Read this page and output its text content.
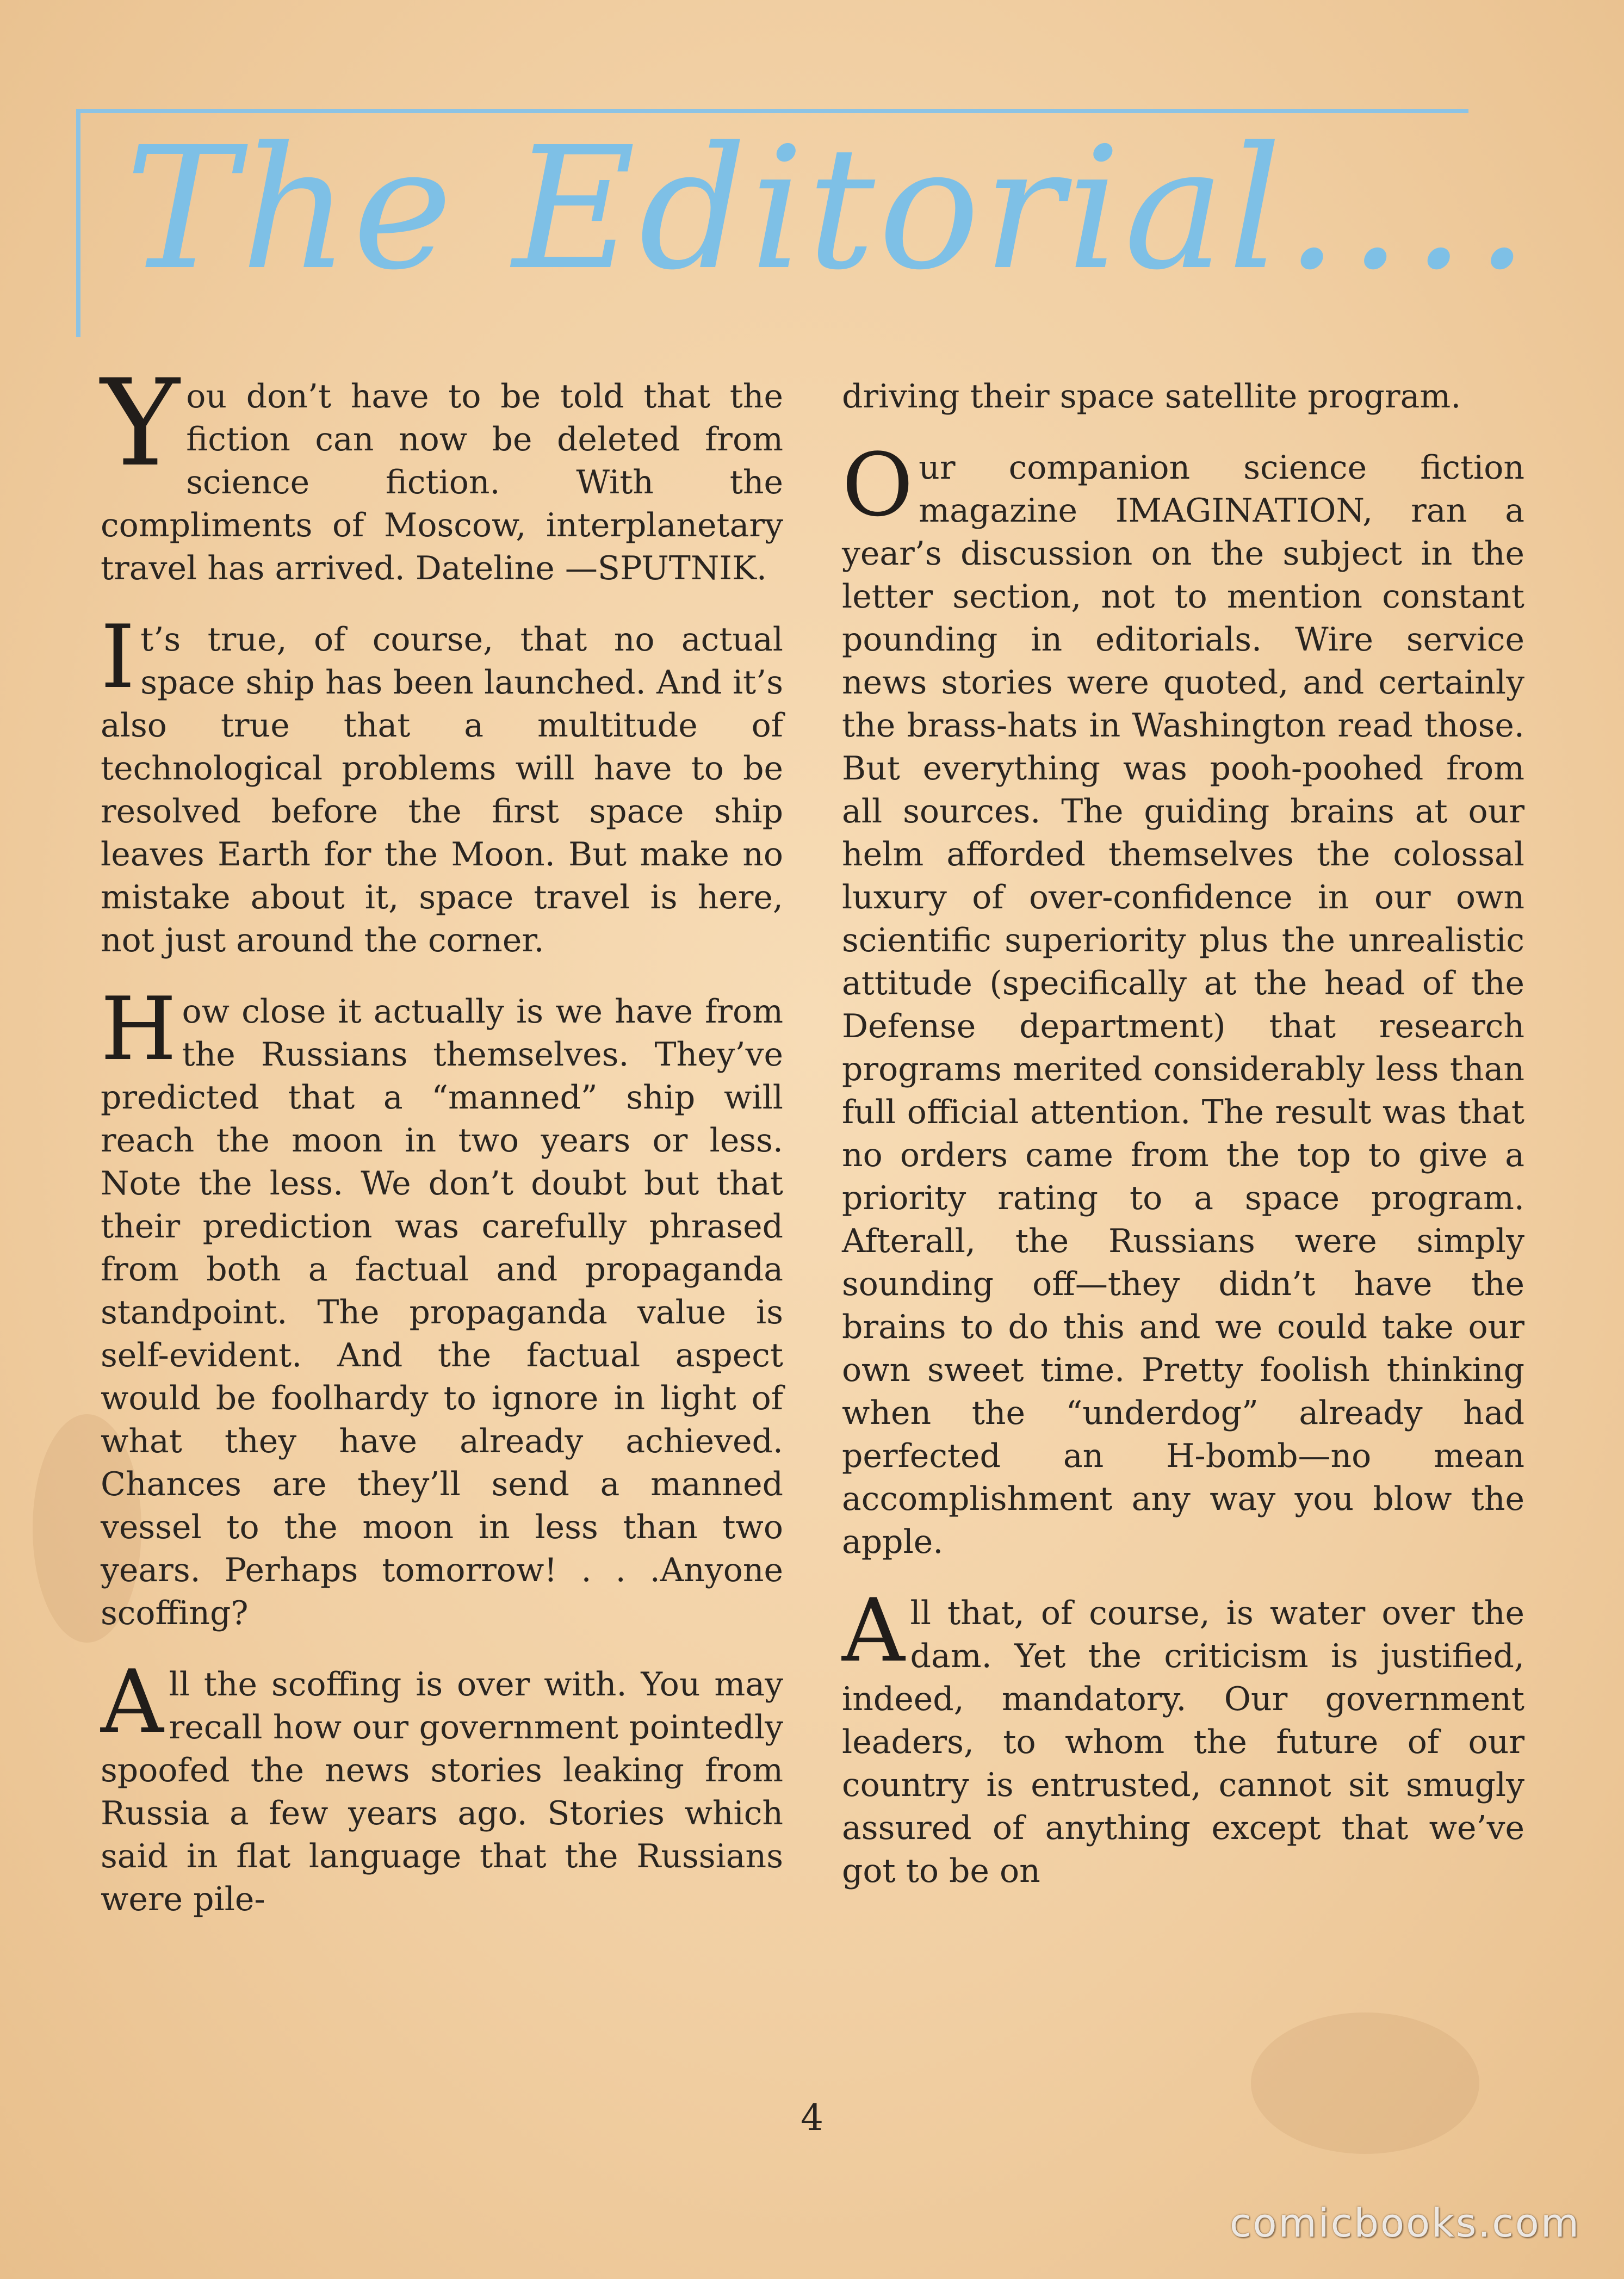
The Editorial....

You don’t have to be told that the fiction can now be deleted from science fiction. With the compliments of Moscow, interplanetary travel has arrived. Dateline —SPUTNIK.

It’s true, of course, that no actual space ship has been launched. And it’s also true that a multitude of technological problems will have to be resolved before the first space ship leaves Earth for the Moon. But make no mistake about it, space travel is here, not just around the corner.

How close it actually is we have from the Russians themselves. They’ve predicted that a “manned” ship will reach the moon in two years or less. Note the less. We don’t doubt but that their prediction was carefully phrased from both a factual and propaganda standpoint. The propaganda value is self-evident. And the factual aspect would be foolhardy to ignore in light of what they have already achieved. Chances are they’ll send a manned vessel to the moon in less than two years. Perhaps tomorrow! . . .Anyone scoffing?

All the scoffing is over with. You may recall how our government pointedly spoofed the news stories leaking from Russia a few years ago. Stories which said in flat language that the Russians were pile-

driving their space satellite program.

Our companion science fiction magazine IMAGINATION, ran a year’s discussion on the subject in the letter section, not to mention constant pounding in editorials. Wire service news stories were quoted, and certainly the brass-hats in Washington read those. But everything was pooh-poohed from all sources. The guiding brains at our helm afforded themselves the colossal luxury of over-confidence in our own scientific superiority plus the unrealistic attitude (specifically at the head of the Defense department) that research programs merited considerably less than full official attention. The result was that no orders came from the top to give a priority rating to a space program. Afterall, the Russians were simply sounding off—they didn’t have the brains to do this and we could take our own sweet time. Pretty foolish thinking when the “underdog” already had perfected an H-bomb—no mean accomplishment any way you blow the apple.

All that, of course, is water over the dam. Yet the criticism is justified, indeed, mandatory. Our government leaders, to whom the future of our country is entrusted, cannot sit smugly assured of anything except that we’ve got to be on

4
comicbooks.com
